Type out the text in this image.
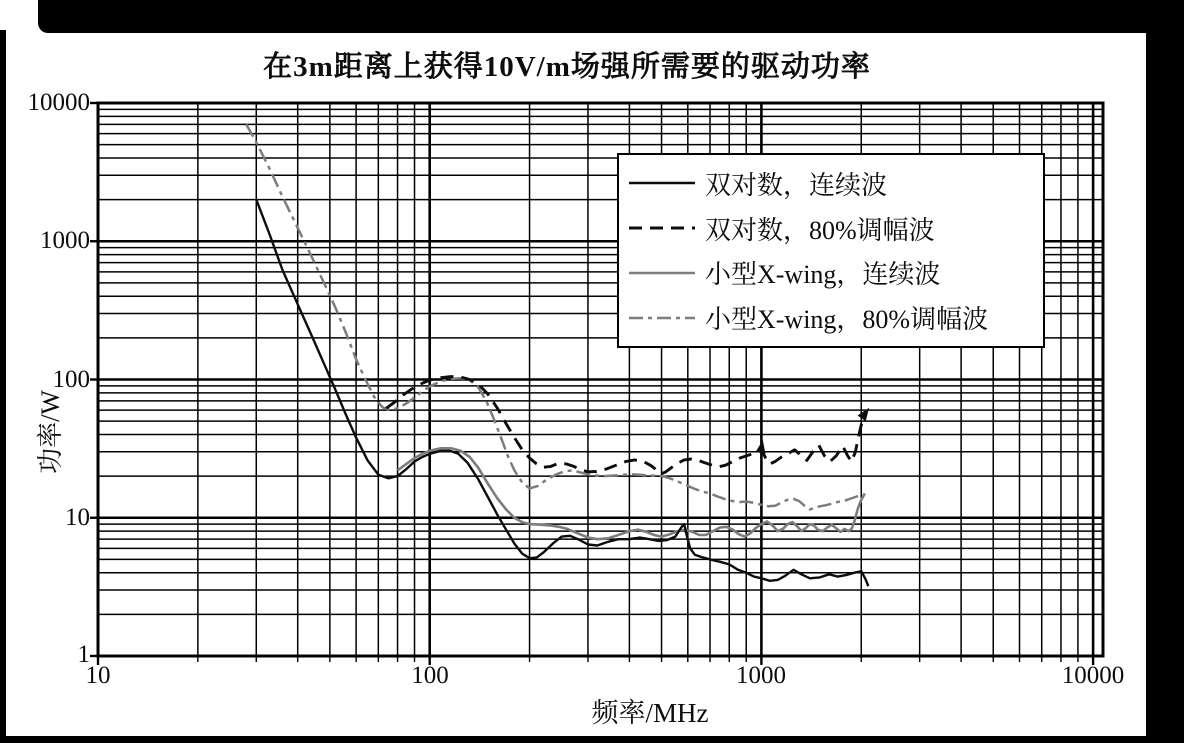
在3m距离上获得10V/m场强所需要的驱动功率
功率/W
频率/MHz
10000
1000
100
10
1
10	100	1000	10000
双对数，连续波
双对数，80%调幅波
小型X-wing，连续波
小型X-wing，80%调幅波
